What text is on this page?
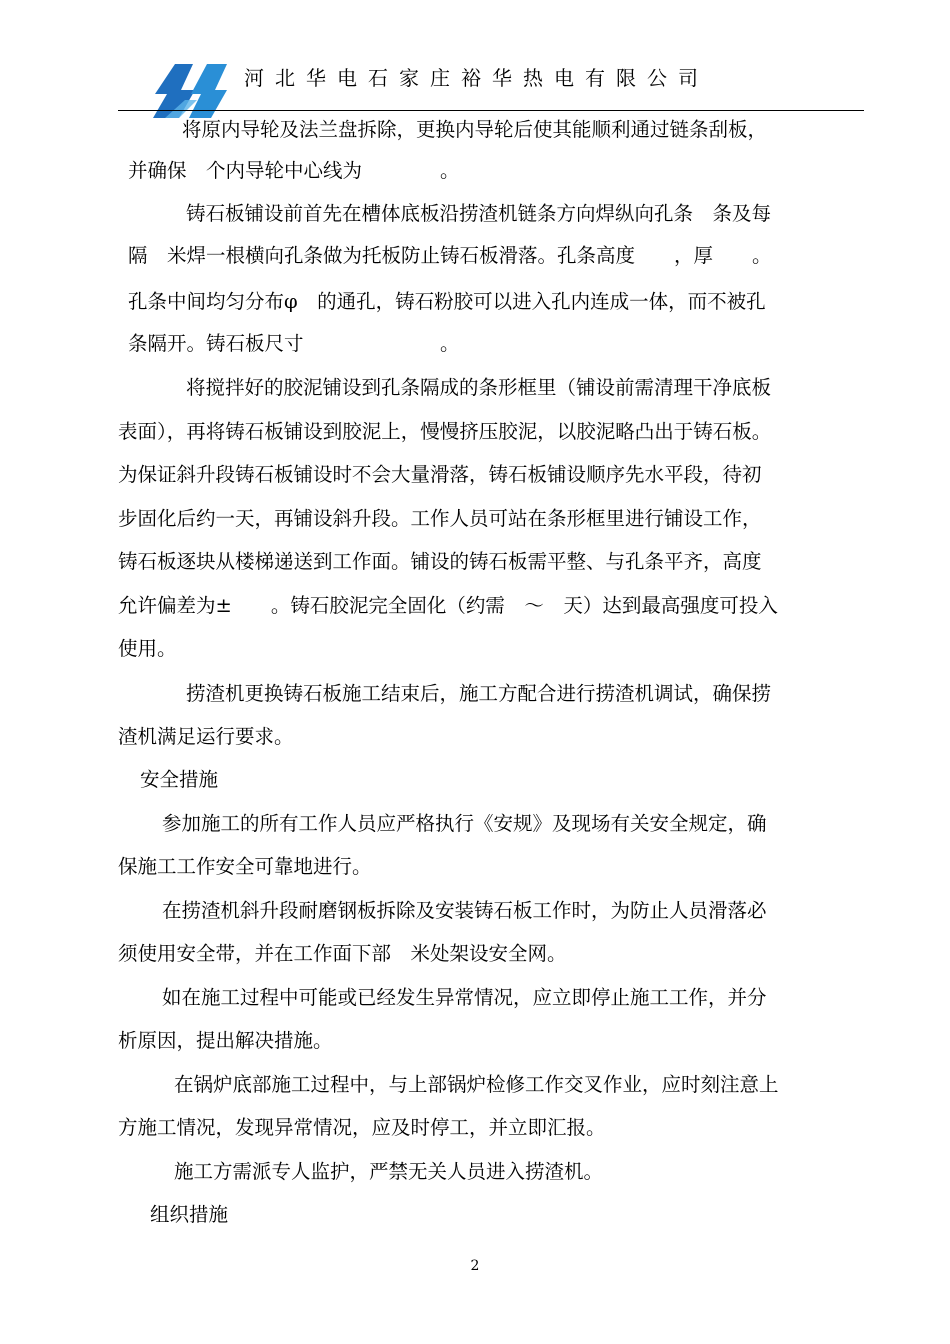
河北华电石家庄裕华热电有限公司
将原内导轮及法兰盘拆除，更换内导轮后使其能顺利通过链条刮板，
并确保　个内导轮中心线为　　　　。
铸石板铺设前首先在槽体底板沿捞渣机链条方向焊纵向孔条　条及每
隔　米焊一根横向孔条做为托板防止铸石板滑落。孔条高度　　，厚　　。
孔条中间均匀分布φ　的通孔，铸石粉胶可以进入孔内连成一体，而不被孔
条隔开。铸石板尺寸　　　　　　　。
将搅拌好的胶泥铺设到孔条隔成的条形框里（铺设前需清理干净底板
表面），再将铸石板铺设到胶泥上，慢慢挤压胶泥，以胶泥略凸出于铸石板。
为保证斜升段铸石板铺设时不会大量滑落，铸石板铺设顺序先水平段，待初
步固化后约一天，再铺设斜升段。工作人员可站在条形框里进行铺设工作，
铸石板逐块从楼梯递送到工作面。铺设的铸石板需平整、与孔条平齐，高度
允许偏差为±　　。铸石胶泥完全固化（约需　～　天）达到最高强度可投入
使用。
捞渣机更换铸石板施工结束后，施工方配合进行捞渣机调试，确保捞
渣机满足运行要求。
安全措施
参加施工的所有工作人员应严格执行《安规》及现场有关安全规定，确
保施工工作安全可靠地进行。
在捞渣机斜升段耐磨钢板拆除及安装铸石板工作时，为防止人员滑落必
须使用安全带，并在工作面下部　米处架设安全网。
如在施工过程中可能或已经发生异常情况，应立即停止施工工作，并分
析原因，提出解决措施。
在锅炉底部施工过程中，与上部锅炉检修工作交叉作业，应时刻注意上
方施工情况，发现异常情况，应及时停工，并立即汇报。
施工方需派专人监护，严禁无关人员进入捞渣机。
组织措施
2
